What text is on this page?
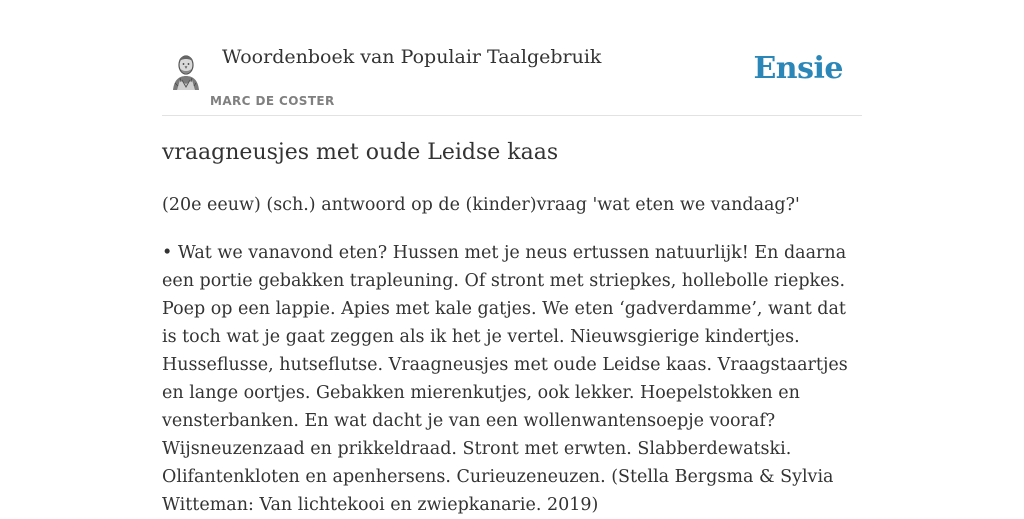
Woordenboek van Populair Taalgebruik
MARC DE COSTER
Ensie
vraagneusjes met oude Leidse kaas

(20e eeuw) (sch.) antwoord op de (kinder)vraag 'wat eten we vandaag?'

• Wat we vanavond eten? Hussen met je neus ertussen natuurlijk! En daarna een portie gebakken trapleuning. Of stront met striepkes, hollebolle riepkes. Poep op een lappie. Apies met kale gatjes. We eten ‘gadverdamme’, want dat is toch wat je gaat zeggen als ik het je vertel. Nieuwsgierige kindertjes. Husseflusse, hutseflutse. Vraagneusjes met oude Leidse kaas. Vraagstaartjes en lange oortjes. Gebakken mierenkutjes, ook lekker. Hoepelstokken en vensterbanken. En wat dacht je van een wollenwantensoepje vooraf? Wijsneuzenzaad en prikkeldraad. Stront met erwten. Slabberdewatski. Olifantenkloten en apenhersens. Curieuzeneuzen. (Stella Bergsma & Sylvia Witteman: Van lichtekooi en zwiepkanarie. 2019)
